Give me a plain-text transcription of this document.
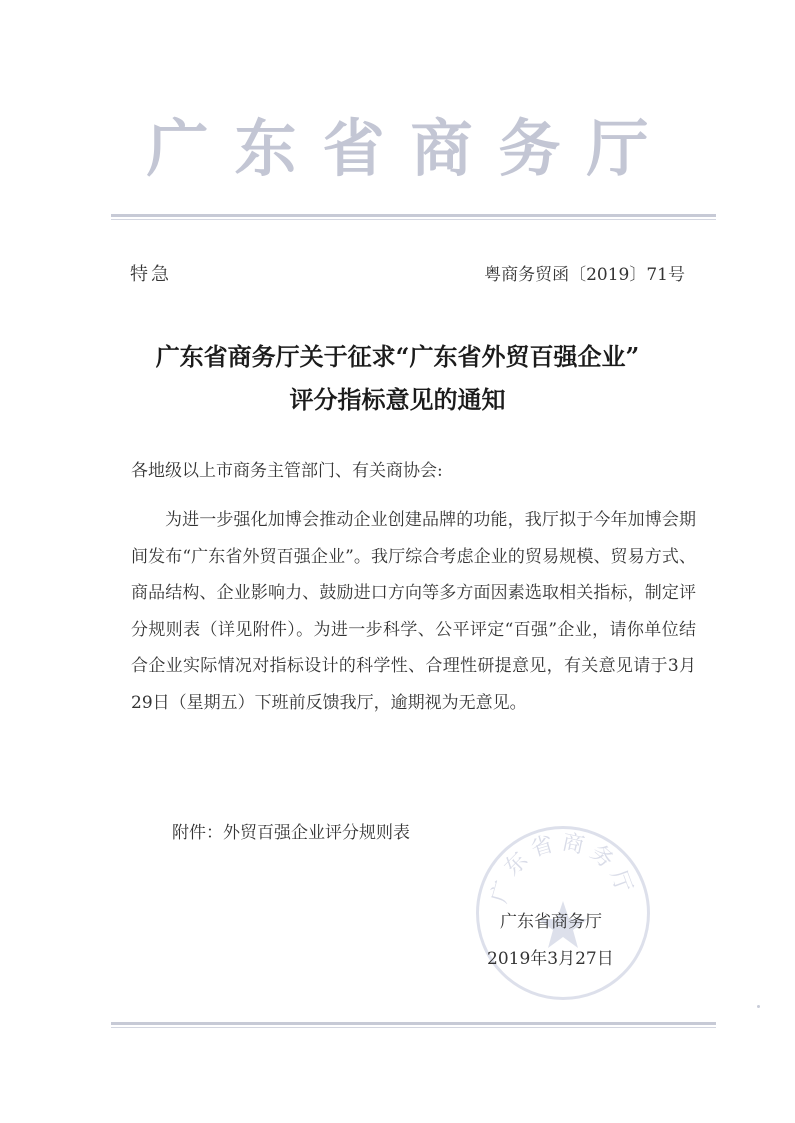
广东省商务厅
特急	粤商务贸函〔2019〕71号
广东省商务厅关于征求“广东省外贸百强企业”
评分指标意见的通知
各地级以上市商务主管部门、有关商协会:
为进一步强化加博会推动企业创建品牌的功能，我厅拟于今年加博会期间发布“广东省外贸百强企业”。我厅综合考虑企业的贸易规模、贸易方式、商品结构、企业影响力、鼓励进口方向等多方面因素选取相关指标，制定评分规则表（详见附件）。为进一步科学、公平评定“百强”企业，请你单位结合企业实际情况对指标设计的科学性、合理性研提意见，有关意见请于3月29日（星期五）下班前反馈我厅，逾期视为无意见。
附件：外贸百强企业评分规则表
广东省商务厅
广东省商务厅
2019年3月27日
